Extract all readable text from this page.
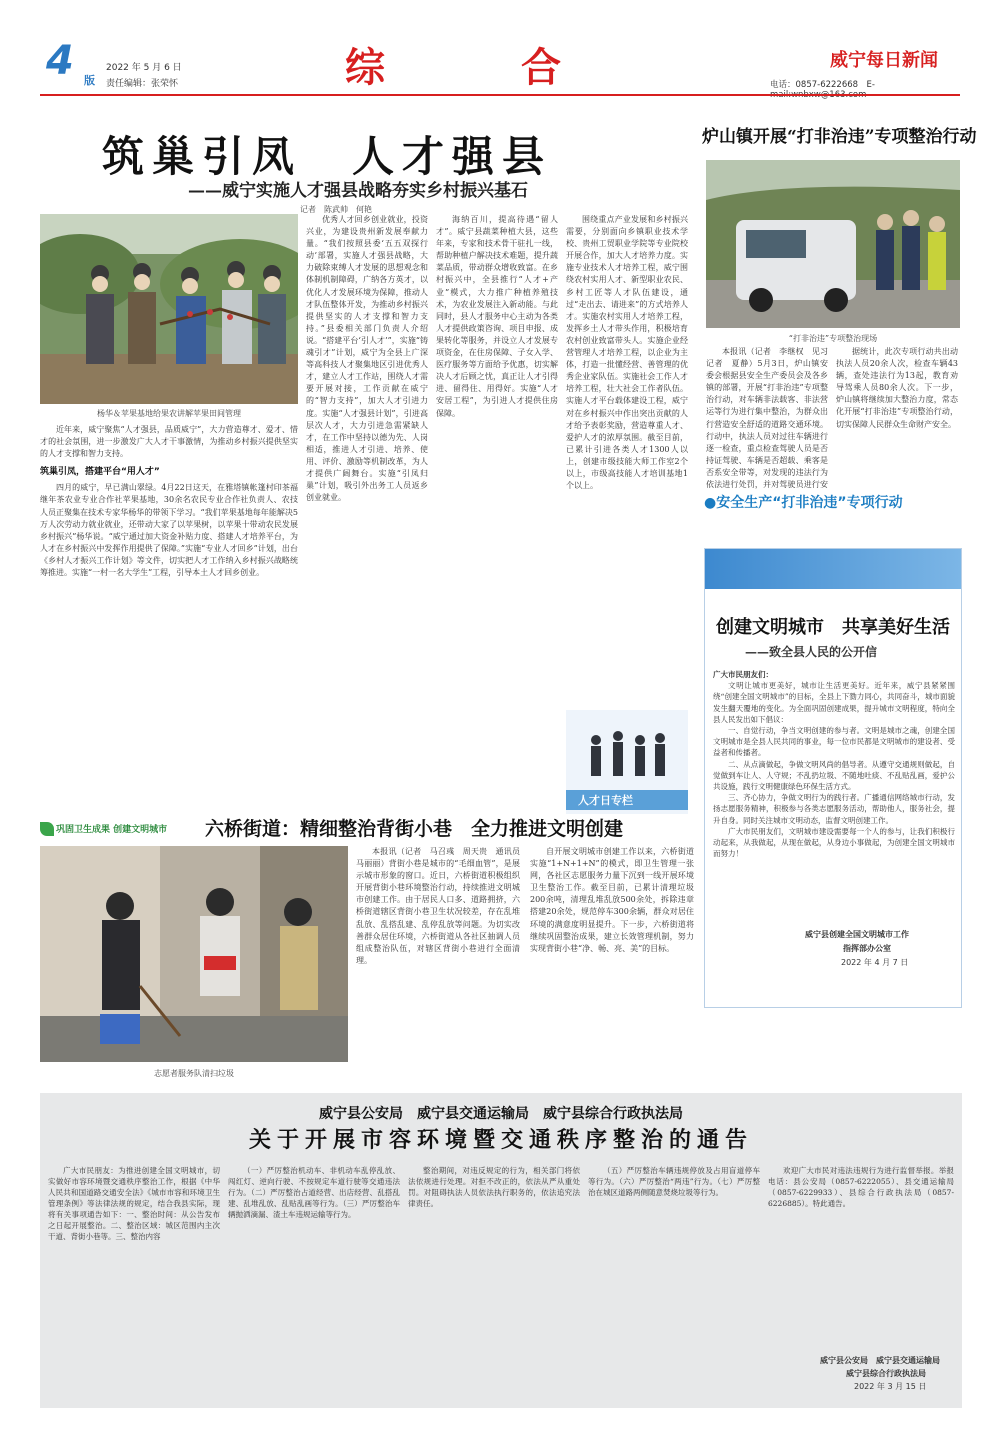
4 版
2022 年 5 月 6 日
责任编辑：张荣怀	综　　　合	威宁每日新闻
电话：0857-6222668　E-
筑巢引凤　人才强县
——威宁实施人才强县战略夯实乡村振兴基石
记者　陈武帅　何艳
杨华＆苹果基地给果农讲解苹果田间管理

近年来，威宁聚焦“人才强县，品质威宁”，大力营造尊才、爱才、惜才的社会氛围，进一步激发广大人才干事激情，为推动乡村振兴提供坚实的人才支撑和智力支持。

筑巢引凤，搭建平台“用人才”

四月的威宁，早已满山翠绿。4月22日这天，在雅塔镇帐篷村印茶福继年茶农业专业合作社苹果基地，30余名农民专业合作社负责人、农技人员正聚集在技术专家华杨华的带领下学习。“我们苹果基地每年能解决5万人次劳动力就业就业，还带动大家了以苹果树，以苹果十带动农民发展乡村振兴”杨华说。“威宁通过加大资金补贴力度、搭建人才培养平台，为人才在乡村振兴中发挥作用提供了保障。”实施“专业人才回乡”计划，出台《乡村人才振兴工作计划》等文件，切实把人才工作纳入乡村振兴战略统筹推进。实施“一村一名大学生”工程，引导本土人才回乡创业。

优秀人才回乡创业就业，投资兴业，为建设贵州新发展奉献力量。“我们按照县委‘五五双探行动’部署，实施人才强县战略，大力破除束缚人才发展的思想观念和体制机制障碍，广纳各方英才，以优化人才发展环境为保障，推动人才队伍整体开发，为推动乡村振兴提供坚实的人才支撑和智力支持。”县委相关部门负责人介绍说。“搭建平台‘引人才’”，实施“铸魂引才”计划，威宁为全县上广深等高科技人才聚集地区引进优秀人才，建立人才工作站，围绕人才需要开展对接，工作贡献在威宁的“智力支持”，加大人才引进力度。实施“人才强县计划”，引进高层次人才，大力引进急需紧缺人才，在工作中坚持以德为先、人岗相适，推进人才引进、培养、使用、评价、激励等机制改革，为人才提供广阔舞台。实施“引凤归巢”计划，吸引外出务工人员返乡创业就业。

海纳百川，提高待遇“留人才”。威宁县蔬菜种植大县，这些年来，专家和技术骨干驻扎一线，帮助种植户解决技术难题，提升蔬菜品质，带动群众增收致富。在乡村振兴中，全县推行“人才+产业”模式，大力推广种植养殖技术，为农业发展注入新动能。与此同时，县人才服务中心主动为各类人才提供政策咨询、项目申报、成果转化等服务，并设立人才发展专项资金，在住房保障、子女入学、医疗服务等方面给予优惠，切实解决人才后顾之忧，真正让人才引得进、留得住、用得好。实施“人才安居工程”，为引进人才提供住房保障。

围绕重点产业发展和乡村振兴需要，分别面向乡镇职业技术学校、贵州工贸职业学院等专业院校开展合作，加大人才培养力度。实施专业技术人才培养工程，威宁围绕农村实用人才、新型职业农民、乡村工匠等人才队伍建设，通过“走出去、请进来”的方式培养人才。实施农村实用人才培养工程，发挥乡土人才带头作用，积极培育农村创业致富带头人。实施企业经营管理人才培养工程，以企业为主体，打造一批懂经营、善管理的优秀企业家队伍。实施社会工作人才培养工程，壮大社会工作者队伍。实施人才平台载体建设工程，威宁对在乡村振兴中作出突出贡献的人才给予表彰奖励，营造尊重人才、爱护人才的浓厚氛围。截至目前，已累计引进各类人才1300人以上，创建市级技能大师工作室2个以上，市级高技能人才培训基地1个以上。

人才日专栏
炉山镇开展“打非治违”专项整治行动
“打非治违”专项整治现场

本报讯（记者　李继权　见习记者　夏静）5月3日，炉山镇安委会根据县安全生产委员会及各乡镇的部署，开展“打非治违”专项整治行动，对车辆非法载客、非法营运等行为进行集中整治，为群众出行营造安全舒适的道路交通环境。行动中，执法人员对过往车辆进行逐一检查，重点检查驾驶人员是否持证驾驶、车辆是否超载、乘客是否系安全带等，对发现的违法行为依法进行处罚，并对驾驶员进行安

据统计，此次专项行动共出动执法人员20余人次，检查车辆43辆，查处违法行为13起，教育劝导驾乘人员80余人次。下一步，炉山镇将继续加大整治力度，常态化开展“打非治违”专项整治行动，切实保障人民群众生命财产安全。

●安全生产“打非治违”专项行动
创建文明城市　共享美好生活
——致全县人民的公开信
广大市民朋友们：

文明让城市更美好，城市让生活更美好。近年来，威宁县紧紧围绕“创建全国文明城市”的目标，全县上下勠力同心，共同奋斗，城市面貌发生翻天覆地的变化。为全面巩固创建成果，提升城市文明程度，特向全县人民发出如下倡议：

一、自觉行动，争当文明创建的参与者。文明是城市之魂，创建全国文明城市是全县人民共同的事业，每一位市民都是文明城市的建设者、受益者和传播者。

二、从点滴做起，争做文明风尚的倡导者。从遵守交通规则做起，自觉做到车让人、人守规；不乱扔垃圾、不随地吐痰、不乱贴乱画，爱护公共设施，践行文明健康绿色环保生活方式。

三、齐心协力，争做文明行为的践行者。广播通信网络城市行动，发扬志愿服务精神，积极参与各类志愿服务活动，帮助他人，服务社会，提升自身。同时关注城市文明动态，监督文明创建工作。

广大市民朋友们，文明城市建设需要每一个人的参与，让我们积极行动起来，从我做起，从现在做起，从身边小事做起，为创建全国文明城市而努力！

威宁县创建全国文明城市工作
指挥部办公室
2022 年 4 月 7 日
巩固卫生成果 创建文明城市 六桥街道：精细整治背街小巷　全力推进文明创建
志愿者服务队清扫垃圾

本报讯（记者　马召彧　周天贵　通讯员　马丽丽）背街小巷是城市的“毛细血管”，是展示城市形象的窗口。近日，六桥街道积极组织开展背街小巷环境整治行动，持续推进文明城市创建工作。由于居民人口多、道路拥挤，六桥街道辖区背街小巷卫生状况较差，存在乱堆乱放、乱搭乱建、乱停乱放等问题。为切实改善群众居住环境，六桥街道从各社区抽调人员组成整治队伍，对辖区背街小巷进行全面清理。

自开展文明城市创建工作以来，六桥街道实施“1+N+1+N”的模式，即卫生管理一张网，各社区志愿服务力量下沉到一线开展环境卫生整治工作。截至目前，已累计清理垃圾200余吨，清理乱堆乱放500余处，拆除违章搭建20余处，规范停车300余辆，群众对居住环境的满意度明显提升。下一步，六桥街道将继续巩固整治成果，建立长效管理机制，努力实现背街小巷“净、畅、亮、美”的目标。

威宁县公安局　威宁县交通运输局　威宁县综合行政执法局
关于开展市容环境暨交通秩序整治的通告

广大市民朋友：为推进创建全国文明城市，切实做好市容环境暨交通秩序整治工作，根据《中华人民共和国道路交通安全法》《城市市容和环境卫生管理条例》等法律法规的规定，结合我县实际，现将有关事项通告如下：一、整治时间：从公告发布之日起开展整治。二、整治区域：城区范围内主次干道、背街小巷等。三、整治内容

（一）严厉整治机动车、非机动车乱停乱放、闯红灯、逆向行驶、不按规定车道行驶等交通违法行为。（二）严厉整治占道经营、出店经营、乱搭乱建、乱堆乱放、乱贴乱画等行为。（三）严厉整治车辆抛洒滴漏、渣土车违规运输等行为。

整治期间，对违反规定的行为，相关部门将依法依规进行处理。对拒不改正的，依法从严从重处罚。对阻碍执法人员依法执行职务的，依法追究法律责任。

（五）严厉整治车辆违规停放及占用盲道停车等行为。（六）严厉整治“两违”行为。（七）严厉整治在城区道路两侧随意焚烧垃圾等行为。

欢迎广大市民对违法违规行为进行监督举报。举报电话：县公安局（0857-6222055）、县交通运输局（0857-6229933）、县综合行政执法局（0857-6226885）。特此通告。

威宁县公安局　威宁县交通运输局
威宁县综合行政执法局
2022 年 3 月 15 日
